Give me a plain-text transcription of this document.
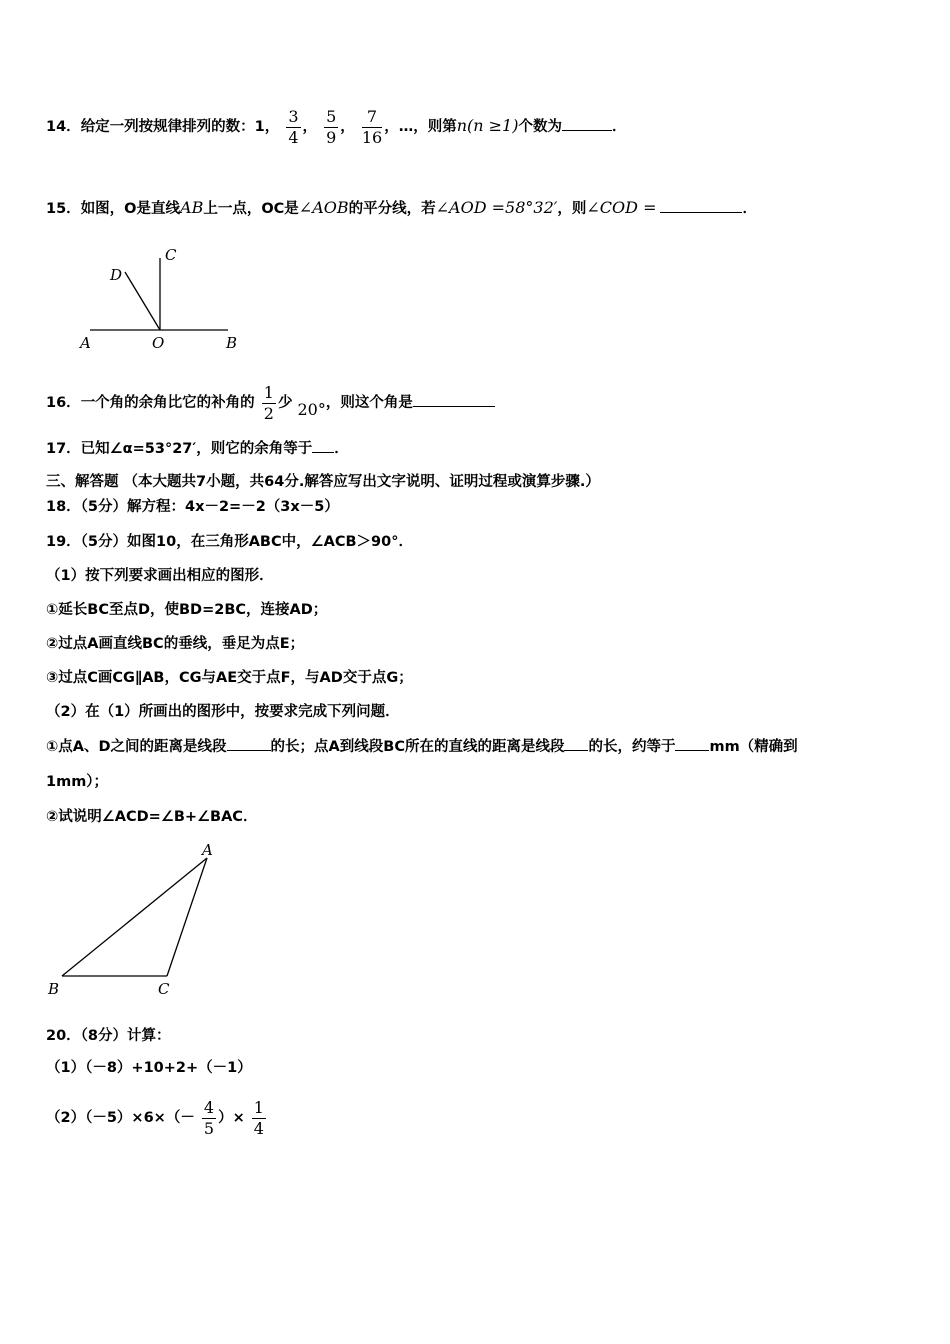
14．给定一列按规律排列的数：1， $\frac{3}{4}$ ， $\frac{5}{9}$ ， $\frac{7}{16}$ ，…，则第n(n ≥1)个数为	．
15．如图，O是直线AB上一点，OC是∠AOB的平分线，若∠AOD =58°32′，则∠COD =	．
A	O	B
C
D
16．一个角的余角比它的补角的 $\frac{1}{2}$ 少 20°，则这个角是
17．已知∠α=53°27′，则它的余角等于 ．
三、解答题 （本大题共7小题，共64分.解答应写出文字说明、证明过程或演算步骤.）
18．（5分）解方程：4x－2=－2（3x－5）
19．（5分）如图10，在三角形ABC中，∠ACB＞90°．
（1）按下列要求画出相应的图形．
①延长BC至点D，使BD=2BC，连接AD；
②过点A画直线BC的垂线，垂足为点E；
③过点C画CG∥AB，CG与AE交于点F，与AD交于点G；
（2）在（1）所画出的图形中，按要求完成下列问题．
①点A、D之间的距离是线段	的长；点A到线段BC所在的直线的距离是线段 的长，约等于 mm（精确到
1mm）；
②试说明∠ACD=∠B+∠BAC．
A
B	C
20．（8分）计算：
（1）（－8）+10+2+（－1）
$(2)(-5)\times 6\times(- \frac{4}{5}$ ）× $\frac{1}{4}$
